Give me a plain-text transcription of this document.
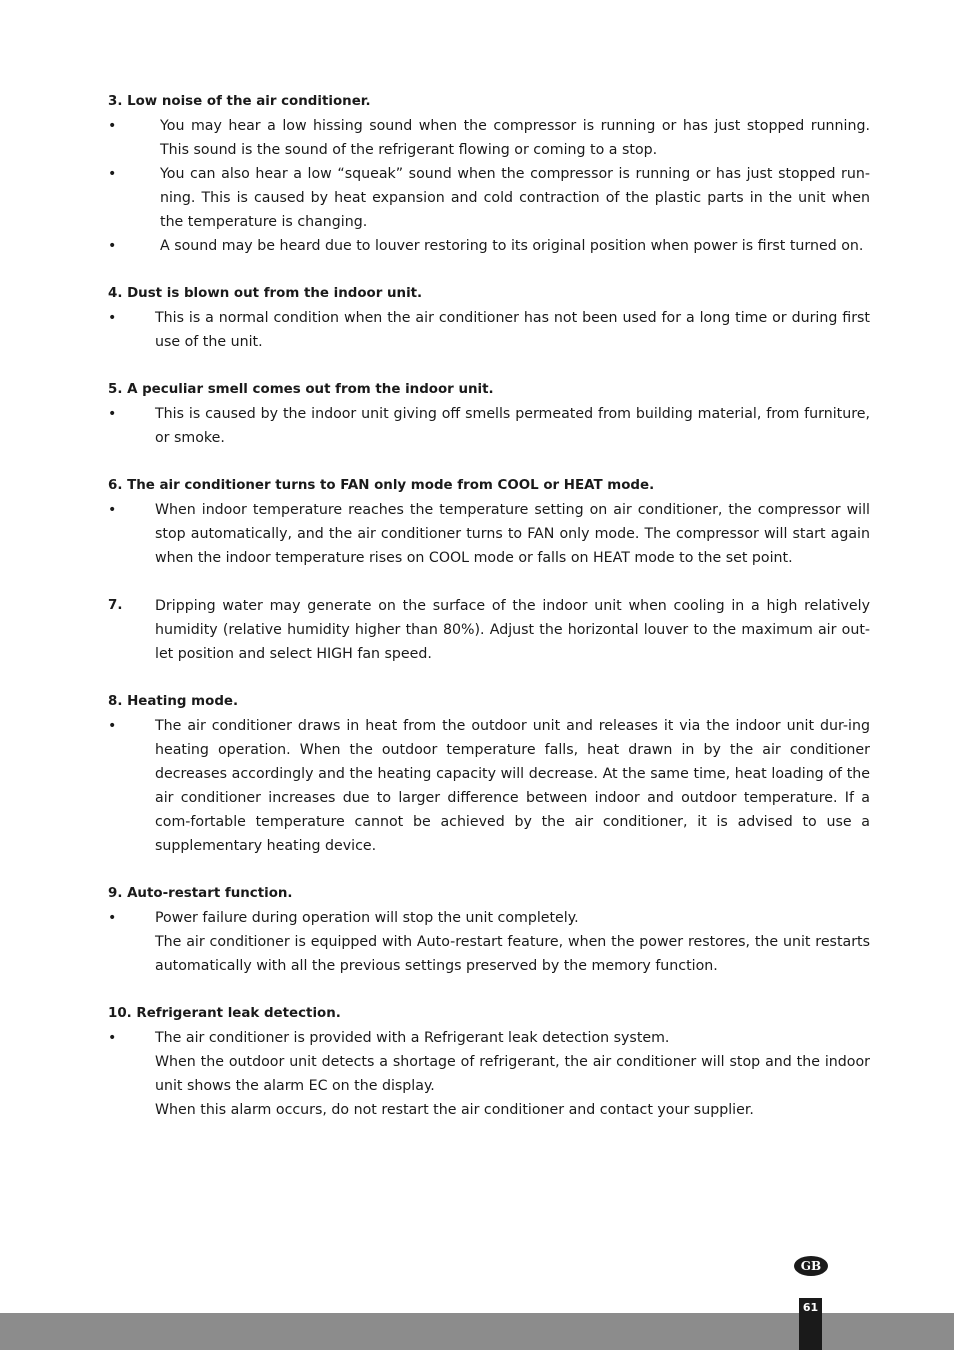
3. Low noise of the air conditioner.
•	You may hear a low hissing sound when the compressor is running or has just stopped running. This sound is the sound of the refrigerant flowing or coming to a stop.

•	You can also hear a low “squeak” sound when the compressor is running or has just stopped run-ning. This is caused by heat expansion and cold contraction of the plastic parts in the unit when the temperature is changing.

•	A sound may be heard due to louver restoring to its original position when power is first turned on.

4. Dust is blown out from the indoor unit.
•	This is a normal condition when the air conditioner has not been used for a long time or during first use of the unit.

5. A peculiar smell comes out from the indoor unit.
•	This is caused by the indoor unit giving off smells permeated from building material, from furniture, or smoke.

6. The air conditioner turns to FAN only mode from COOL or HEAT mode.
•	When indoor temperature reaches the temperature setting on air conditioner, the compressor will stop automatically, and the air conditioner turns to FAN only mode. The compressor will start again when the indoor temperature rises on COOL mode or falls on HEAT mode to the set point.

7. Dripping water may generate on the surface of the indoor unit when cooling in a high relatively humidity (relative humidity higher than 80%). Adjust the horizontal louver to the maximum air out-let position and select HIGH fan speed.

8. Heating mode.
•	The air conditioner draws in heat from the outdoor unit and releases it via the indoor unit dur-ing heating operation. When the outdoor temperature falls, heat drawn in by the air conditioner decreases accordingly and the heating capacity will decrease. At the same time, heat loading of the air conditioner increases due to larger difference between indoor and outdoor temperature. If a com-fortable temperature cannot be achieved by the air conditioner, it is advised to use a supplementary heating device.

9. Auto-restart function.
•	Power failure during operation will stop the unit completely.

The air conditioner is equipped with Auto-restart feature, when the power restores, the unit restarts automatically with all the previous settings preserved by the memory function.

10. Refrigerant leak detection.
•	The air conditioner is provided with a Refrigerant leak detection system.

When the outdoor unit detects a shortage of refrigerant, the air conditioner will stop and the indoor unit shows the alarm EC on the display.

When this alarm occurs, do not restart the air conditioner and contact your supplier.

GB
61
